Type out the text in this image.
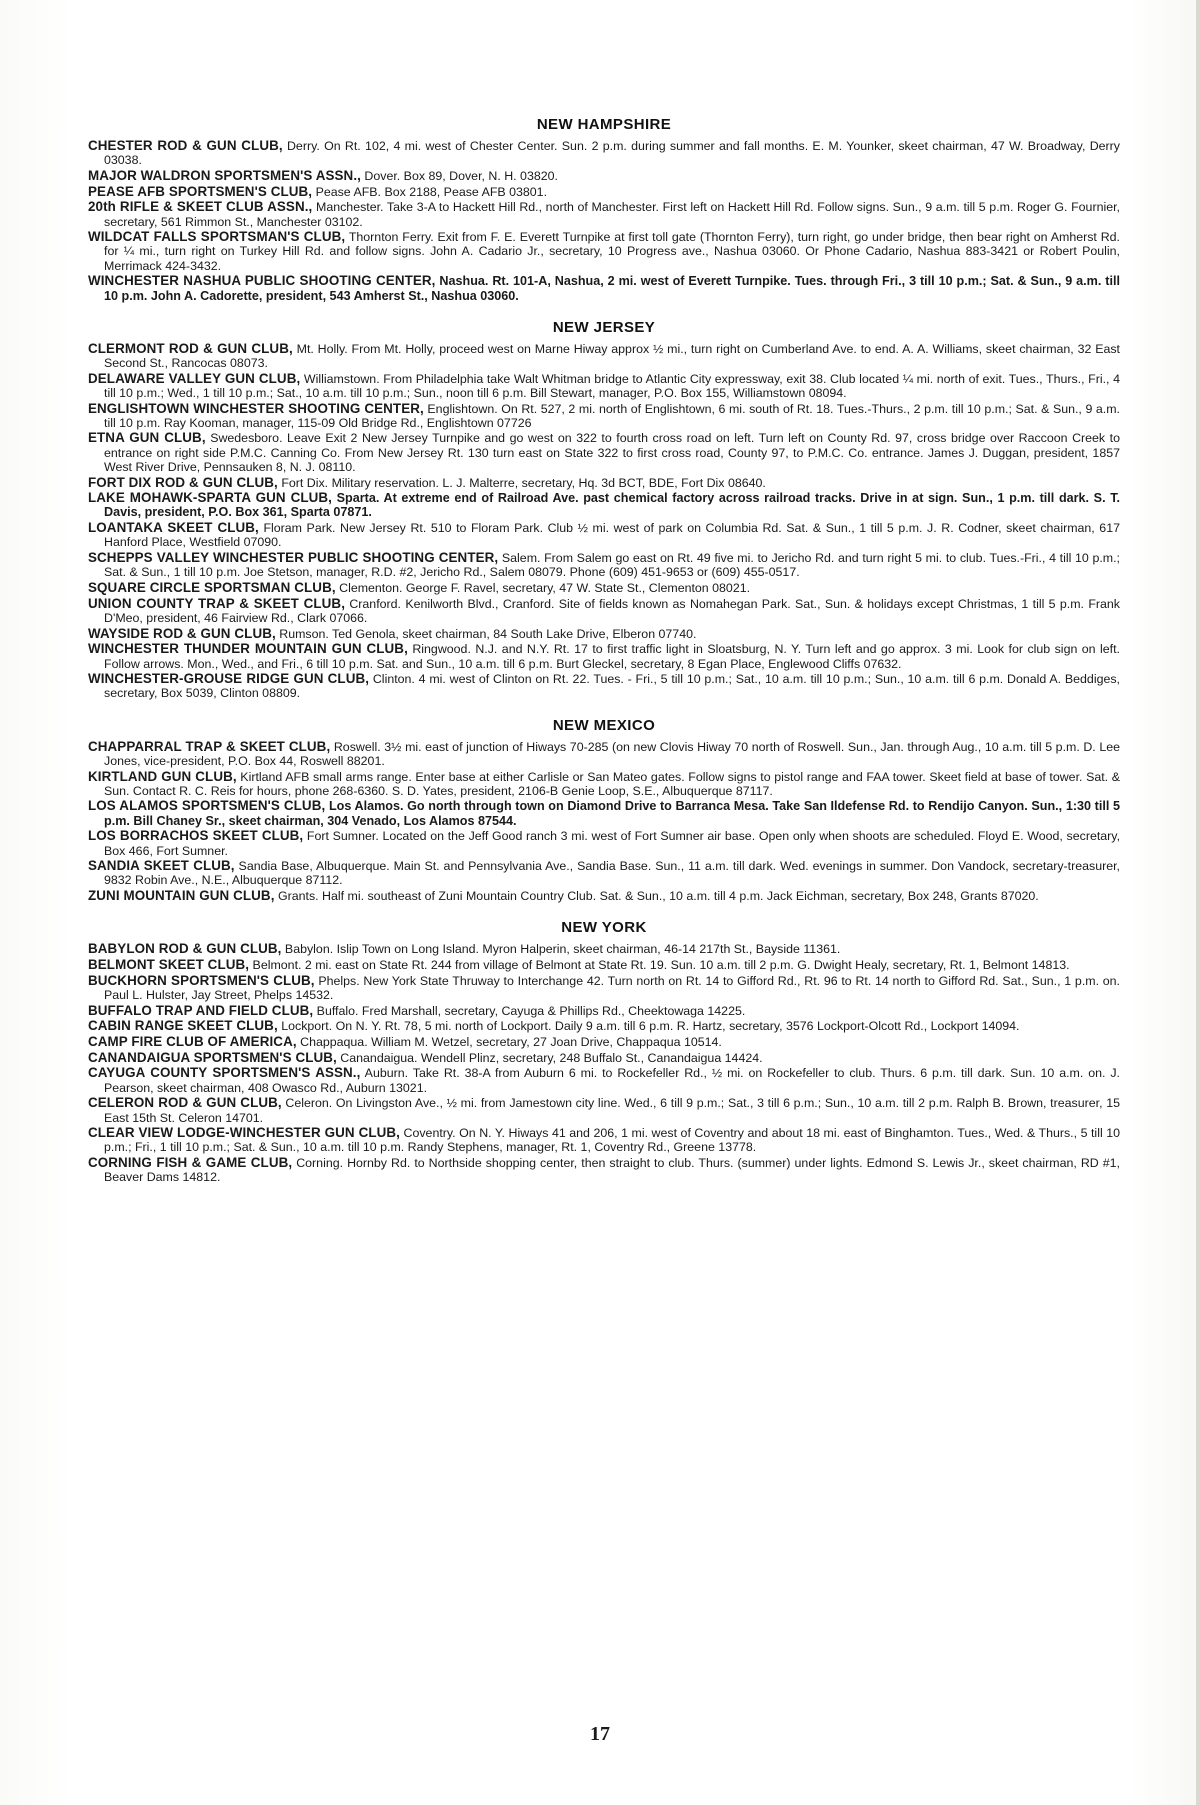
NEW HAMPSHIRE

CHESTER ROD & GUN CLUB, Derry. On Rt. 102, 4 mi. west of Chester Center. Sun. 2 p.m. during summer and fall months. E. M. Younker, skeet chairman, 47 W. Broadway, Derry 03038.

MAJOR WALDRON SPORTSMEN'S ASSN., Dover. Box 89, Dover, N. H. 03820.

PEASE AFB SPORTSMEN'S CLUB, Pease AFB. Box 2188, Pease AFB 03801.

20th RIFLE & SKEET CLUB ASSN., Manchester. Take 3-A to Hackett Hill Rd., north of Manchester. First left on Hackett Hill Rd. Follow signs. Sun., 9 a.m. till 5 p.m. Roger G. Fournier, secretary, 561 Rimmon St., Manchester 03102.

WILDCAT FALLS SPORTSMAN'S CLUB, Thornton Ferry. Exit from F. E. Everett Turnpike at first toll gate (Thornton Ferry), turn right, go under bridge, then bear right on Amherst Rd. for ¼ mi., turn right on Turkey Hill Rd. and follow signs. John A. Cadario Jr., secretary, 10 Progress ave., Nashua 03060. Or Phone Cadario, Nashua 883-3421 or Robert Poulin, Merrimack 424-3432.

WINCHESTER NASHUA PUBLIC SHOOTING CENTER, Nashua. Rt. 101-A, Nashua, 2 mi. west of Everett Turnpike. Tues. through Fri., 3 till 10 p.m.; Sat. & Sun., 9 a.m. till 10 p.m. John A. Cadorette, president, 543 Amherst St., Nashua 03060.

NEW JERSEY

CLERMONT ROD & GUN CLUB, Mt. Holly. From Mt. Holly, proceed west on Marne Hiway approx ½ mi., turn right on Cumberland Ave. to end. A. A. Williams, skeet chairman, 32 East Second St., Rancocas 08073.

DELAWARE VALLEY GUN CLUB, Williamstown. From Philadelphia take Walt Whitman bridge to Atlantic City expressway, exit 38. Club located ¼ mi. north of exit. Tues., Thurs., Fri., 4 till 10 p.m.; Wed., 1 till 10 p.m.; Sat., 10 a.m. till 10 p.m.; Sun., noon till 6 p.m. Bill Stewart, manager, P.O. Box 155, Williamstown 08094.

ENGLISHTOWN WINCHESTER SHOOTING CENTER, Englishtown. On Rt. 527, 2 mi. north of Englishtown, 6 mi. south of Rt. 18. Tues.-Thurs., 2 p.m. till 10 p.m.; Sat. & Sun., 9 a.m. till 10 p.m. Ray Kooman, manager, 115-09 Old Bridge Rd., Englishtown 07726

ETNA GUN CLUB, Swedesboro. Leave Exit 2 New Jersey Turnpike and go west on 322 to fourth cross road on left. Turn left on County Rd. 97, cross bridge over Raccoon Creek to entrance on right side P.M.C. Canning Co. From New Jersey Rt. 130 turn east on State 322 to first cross road, County 97, to P.M.C. Co. entrance. James J. Duggan, president, 1857 West River Drive, Pennsauken 8, N. J. 08110.

FORT DIX ROD & GUN CLUB, Fort Dix. Military reservation. L. J. Malterre, secretary, Hq. 3d BCT, BDE, Fort Dix 08640.

LAKE MOHAWK-SPARTA GUN CLUB, Sparta. At extreme end of Railroad Ave. past chemical factory across railroad tracks. Drive in at sign. Sun., 1 p.m. till dark. S. T. Davis, president, P.O. Box 361, Sparta 07871.

LOANTAKA SKEET CLUB, Floram Park. New Jersey Rt. 510 to Floram Park. Club ½ mi. west of park on Columbia Rd. Sat. & Sun., 1 till 5 p.m. J. R. Codner, skeet chairman, 617 Hanford Place, Westfield 07090.

SCHEPPS VALLEY WINCHESTER PUBLIC SHOOTING CENTER, Salem. From Salem go east on Rt. 49 five mi. to Jericho Rd. and turn right 5 mi. to club. Tues.-Fri., 4 till 10 p.m.; Sat. & Sun., 1 till 10 p.m. Joe Stetson, manager, R.D. #2, Jericho Rd., Salem 08079. Phone (609) 451-9653 or (609) 455-0517.

SQUARE CIRCLE SPORTSMAN CLUB, Clementon. George F. Ravel, secretary, 47 W. State St., Clementon 08021.

UNION COUNTY TRAP & SKEET CLUB, Cranford. Kenilworth Blvd., Cranford. Site of fields known as Nomahegan Park. Sat., Sun. & holidays except Christmas, 1 till 5 p.m. Frank D'Meo, president, 46 Fairview Rd., Clark 07066.

WAYSIDE ROD & GUN CLUB, Rumson. Ted Genola, skeet chairman, 84 South Lake Drive, Elberon 07740.

WINCHESTER THUNDER MOUNTAIN GUN CLUB, Ringwood. N.J. and N.Y. Rt. 17 to first traffic light in Sloatsburg, N. Y. Turn left and go approx. 3 mi. Look for club sign on left. Follow arrows. Mon., Wed., and Fri., 6 till 10 p.m. Sat. and Sun., 10 a.m. till 6 p.m. Burt Gleckel, secretary, 8 Egan Place, Englewood Cliffs 07632.

WINCHESTER-GROUSE RIDGE GUN CLUB, Clinton. 4 mi. west of Clinton on Rt. 22. Tues. - Fri., 5 till 10 p.m.; Sat., 10 a.m. till 10 p.m.; Sun., 10 a.m. till 6 p.m. Donald A. Beddiges, secretary, Box 5039, Clinton 08809.

NEW MEXICO

CHAPPARRAL TRAP & SKEET CLUB, Roswell. 3½ mi. east of junction of Hiways 70-285 (on new Clovis Hiway 70 north of Roswell. Sun., Jan. through Aug., 10 a.m. till 5 p.m. D. Lee Jones, vice-president, P.O. Box 44, Roswell 88201.

KIRTLAND GUN CLUB, Kirtland AFB small arms range. Enter base at either Carlisle or San Mateo gates. Follow signs to pistol range and FAA tower. Skeet field at base of tower. Sat. & Sun. Contact R. C. Reis for hours, phone 268-6360. S. D. Yates, president, 2106-B Genie Loop, S.E., Albuquerque 87117.

LOS ALAMOS SPORTSMEN'S CLUB, Los Alamos. Go north through town on Diamond Drive to Barranca Mesa. Take San Ildefense Rd. to Rendijo Canyon. Sun., 1:30 till 5 p.m. Bill Chaney Sr., skeet chairman, 304 Venado, Los Alamos 87544.

LOS BORRACHOS SKEET CLUB, Fort Sumner. Located on the Jeff Good ranch 3 mi. west of Fort Sumner air base. Open only when shoots are scheduled. Floyd E. Wood, secretary, Box 466, Fort Sumner.

SANDIA SKEET CLUB, Sandia Base, Albuquerque. Main St. and Pennsylvania Ave., Sandia Base. Sun., 11 a.m. till dark. Wed. evenings in summer. Don Vandock, secretary-treasurer, 9832 Robin Ave., N.E., Albuquerque 87112.

ZUNI MOUNTAIN GUN CLUB, Grants. Half mi. southeast of Zuni Mountain Country Club. Sat. & Sun., 10 a.m. till 4 p.m. Jack Eichman, secretary, Box 248, Grants 87020.

NEW YORK

BABYLON ROD & GUN CLUB, Babylon. Islip Town on Long Island. Myron Halperin, skeet chairman, 46-14 217th St., Bayside 11361.

BELMONT SKEET CLUB, Belmont. 2 mi. east on State Rt. 244 from village of Belmont at State Rt. 19. Sun. 10 a.m. till 2 p.m. G. Dwight Healy, secretary, Rt. 1, Belmont 14813.

BUCKHORN SPORTSMEN'S CLUB, Phelps. New York State Thruway to Interchange 42. Turn north on Rt. 14 to Gifford Rd., Rt. 96 to Rt. 14 north to Gifford Rd. Sat., Sun., 1 p.m. on. Paul L. Hulster, Jay Street, Phelps 14532.

BUFFALO TRAP AND FIELD CLUB, Buffalo. Fred Marshall, secretary, Cayuga & Phillips Rd., Cheektowaga 14225.

CABIN RANGE SKEET CLUB, Lockport. On N. Y. Rt. 78, 5 mi. north of Lockport. Daily 9 a.m. till 6 p.m. R. Hartz, secretary, 3576 Lockport-Olcott Rd., Lockport 14094.

CAMP FIRE CLUB OF AMERICA, Chappaqua. William M. Wetzel, secretary, 27 Joan Drive, Chappaqua 10514.

CANANDAIGUA SPORTSMEN'S CLUB, Canandaigua. Wendell Plinz, secretary, 248 Buffalo St., Canandaigua 14424.

CAYUGA COUNTY SPORTSMEN'S ASSN., Auburn. Take Rt. 38-A from Auburn 6 mi. to Rockefeller Rd., ½ mi. on Rockefeller to club. Thurs. 6 p.m. till dark. Sun. 10 a.m. on. J. Pearson, skeet chairman, 408 Owasco Rd., Auburn 13021.

CELERON ROD & GUN CLUB, Celeron. On Livingston Ave., ½ mi. from Jamestown city line. Wed., 6 till 9 p.m.; Sat., 3 till 6 p.m.; Sun., 10 a.m. till 2 p.m. Ralph B. Brown, treasurer, 15 East 15th St. Celeron 14701.

CLEAR VIEW LODGE-WINCHESTER GUN CLUB, Coventry. On N. Y. Hiways 41 and 206, 1 mi. west of Coventry and about 18 mi. east of Binghamton. Tues., Wed. & Thurs., 5 till 10 p.m.; Fri., 1 till 10 p.m.; Sat. & Sun., 10 a.m. till 10 p.m. Randy Stephens, manager, Rt. 1, Coventry Rd., Greene 13778.

CORNING FISH & GAME CLUB, Corning. Hornby Rd. to Northside shopping center, then straight to club. Thurs. (summer) under lights. Edmond S. Lewis Jr., skeet chairman, RD #1, Beaver Dams 14812.

17
